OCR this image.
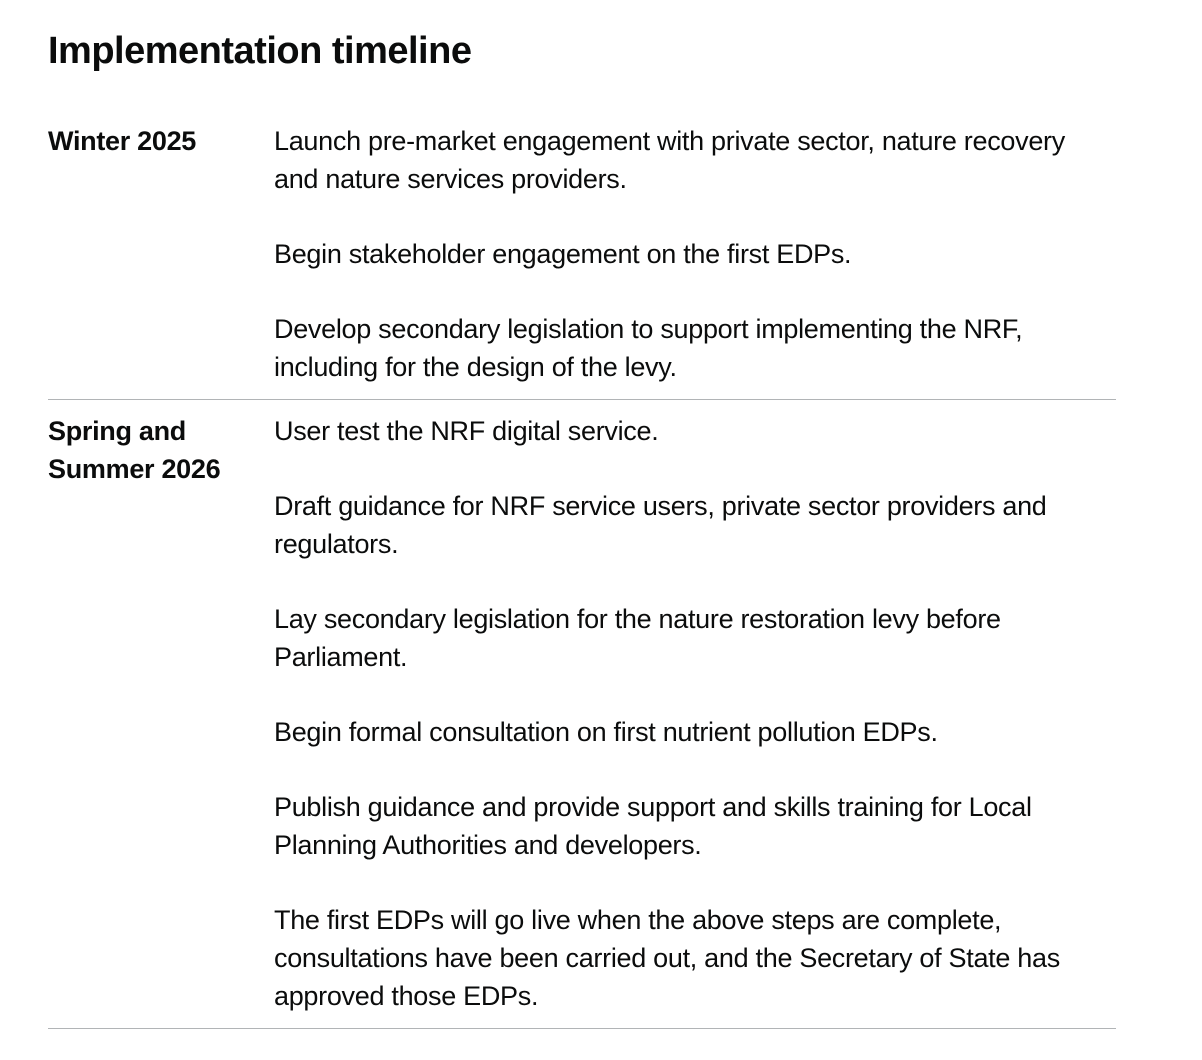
Implementation timeline
Winter 2025	Launch pre-market engagement with private sector, nature recovery and nature services providers.
Begin stakeholder engagement on the first EDPs.
Develop secondary legislation to support implementing the NRF, including for the design of the levy.
Spring and Summer 2026
User test the NRF digital service.
Draft guidance for NRF service users, private sector providers and regulators.
Lay secondary legislation for the nature restoration levy before Parliament.
Begin formal consultation on first nutrient pollution EDPs.
Publish guidance and provide support and skills training for Local Planning Authorities and developers.
The first EDPs will go live when the above steps are complete, consultations have been carried out, and the Secretary of State has approved those EDPs.
